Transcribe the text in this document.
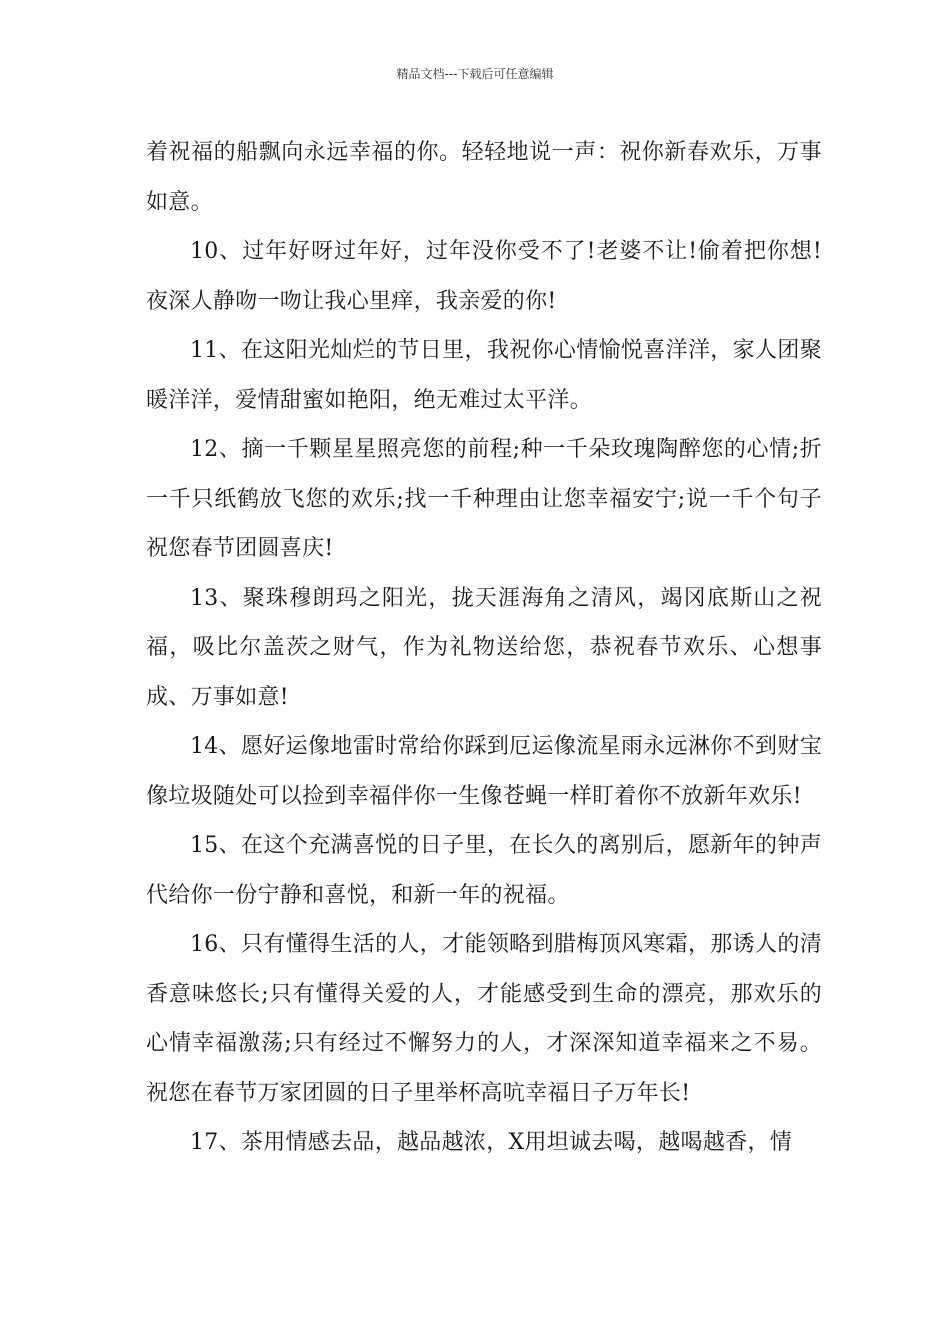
精品文档---下载后可任意编辑

着祝福的船飘向永远幸福的你。轻轻地说一声：祝你新春欢乐，万事如意。

10、过年好呀过年好，过年没你受不了!老婆不让!偷着把你想!夜深人静吻一吻让我心里痒，我亲爱的你!

11、在这阳光灿烂的节日里，我祝你心情愉悦喜洋洋，家人团聚暖洋洋，爱情甜蜜如艳阳，绝无难过太平洋。

12、摘一千颗星星照亮您的前程;种一千朵玫瑰陶醉您的心情;折一千只纸鹤放飞您的欢乐;找一千种理由让您幸福安宁;说一千个句子祝您春节团圆喜庆!

13、聚珠穆朗玛之阳光，拢天涯海角之清风，竭冈底斯山之祝福，吸比尔盖茨之财气，作为礼物送给您，恭祝春节欢乐、心想事成、万事如意!

14、愿好运像地雷时常给你踩到厄运像流星雨永远淋你不到财宝像垃圾随处可以捡到幸福伴你一生像苍蝇一样盯着你不放新年欢乐!

15、在这个充满喜悦的日子里，在长久的离别后，愿新年的钟声代给你一份宁静和喜悦，和新一年的祝福。

16、只有懂得生活的人，才能领略到腊梅顶风寒霜，那诱人的清香意味悠长;只有懂得关爱的人，才能感受到生命的漂亮，那欢乐的心情幸福激荡;只有经过不懈努力的人，才深深知道幸福来之不易。祝您在春节万家团圆的日子里举杯高吭幸福日子万年长!

17、茶用情感去品，越品越浓，X用坦诚去喝，越喝越香，情
